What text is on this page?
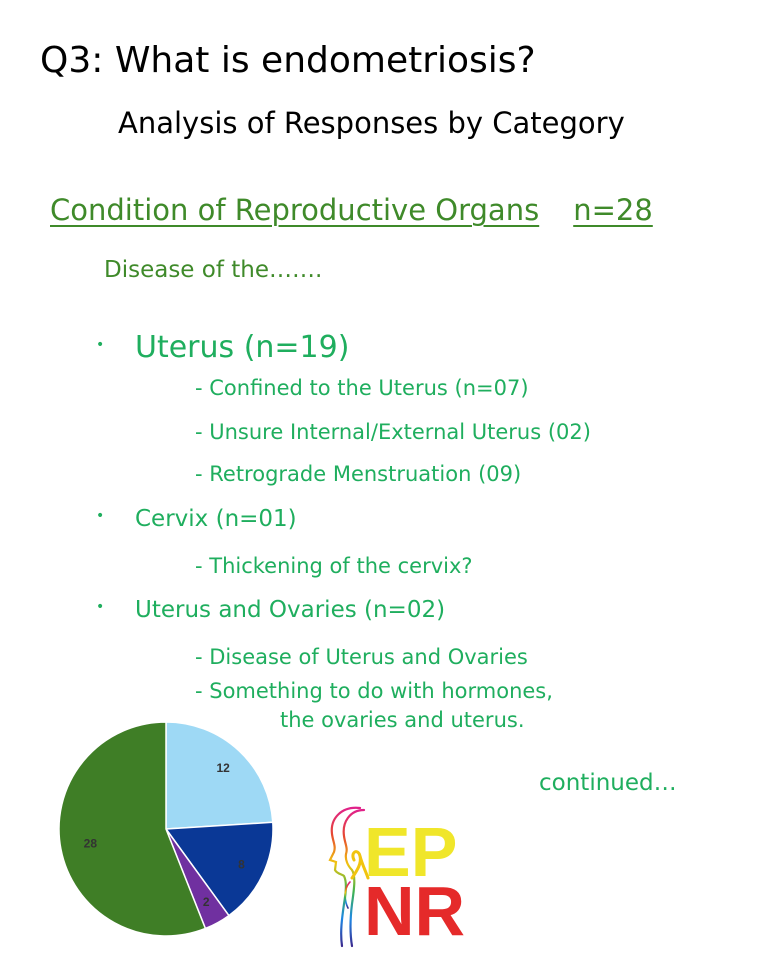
Q3: What is endometriosis?
Analysis of Responses by Category
Condition of Reproductive Organs n=28
Disease of the…….
• Uterus (n=19)
- Confined to the Uterus (n=07)
- Unsure Internal/External Uterus (02)
- Retrograde Menstruation (09)
• Cervix (n=01)
- Thickening of the cervix?
• Uterus and Ovaries (n=02)
- Disease of Uterus and Ovaries
- Something to do with hormones,
the ovaries and uterus.
12
8
2
28
continued…
EP
NR
